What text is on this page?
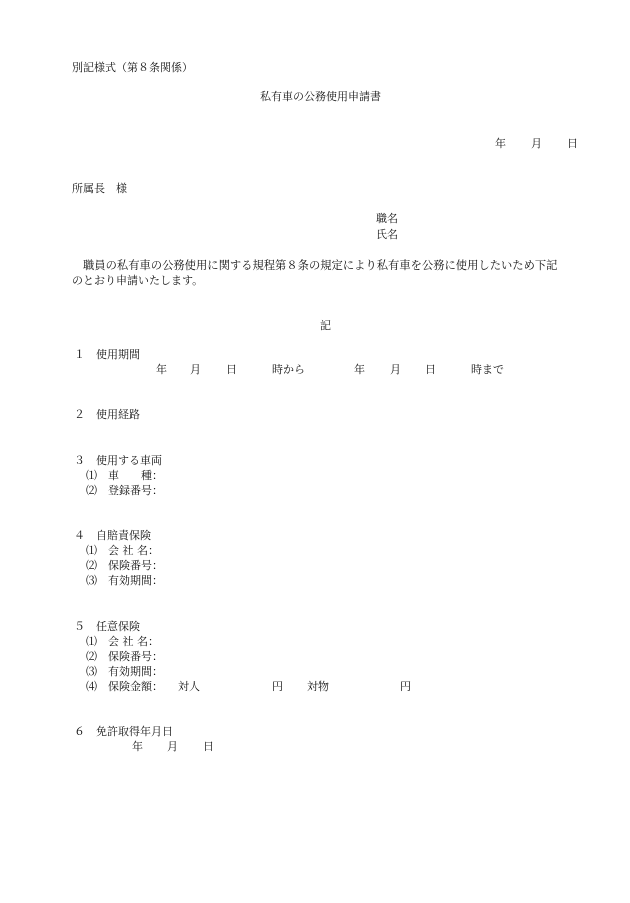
別記様式（第８条関係）
私有車の公務使用申請書
年 月 日
所属長　様
職名
氏名
職員の私有車の公務使用に関する規程第８条の規定により私有車を公務に使用したいため下記
のとおり申請いたします。
記
１ 使用期間
年 月 日	時から	年 月 日	時まで
２ 使用経路
３ 使用する車両
⑴ 車　　種：
⑵ 登録番号：
４ 自賠責保険
⑴ 会 社 名：
⑵ 保険番号：
⑶ 有効期間：
５ 任意保険
⑴ 会 社 名：
⑵ 保険番号：
⑶ 有効期間：
⑷ 保険金額： 対人	円 対物	円
６ 免許取得年月日
年 月 日
